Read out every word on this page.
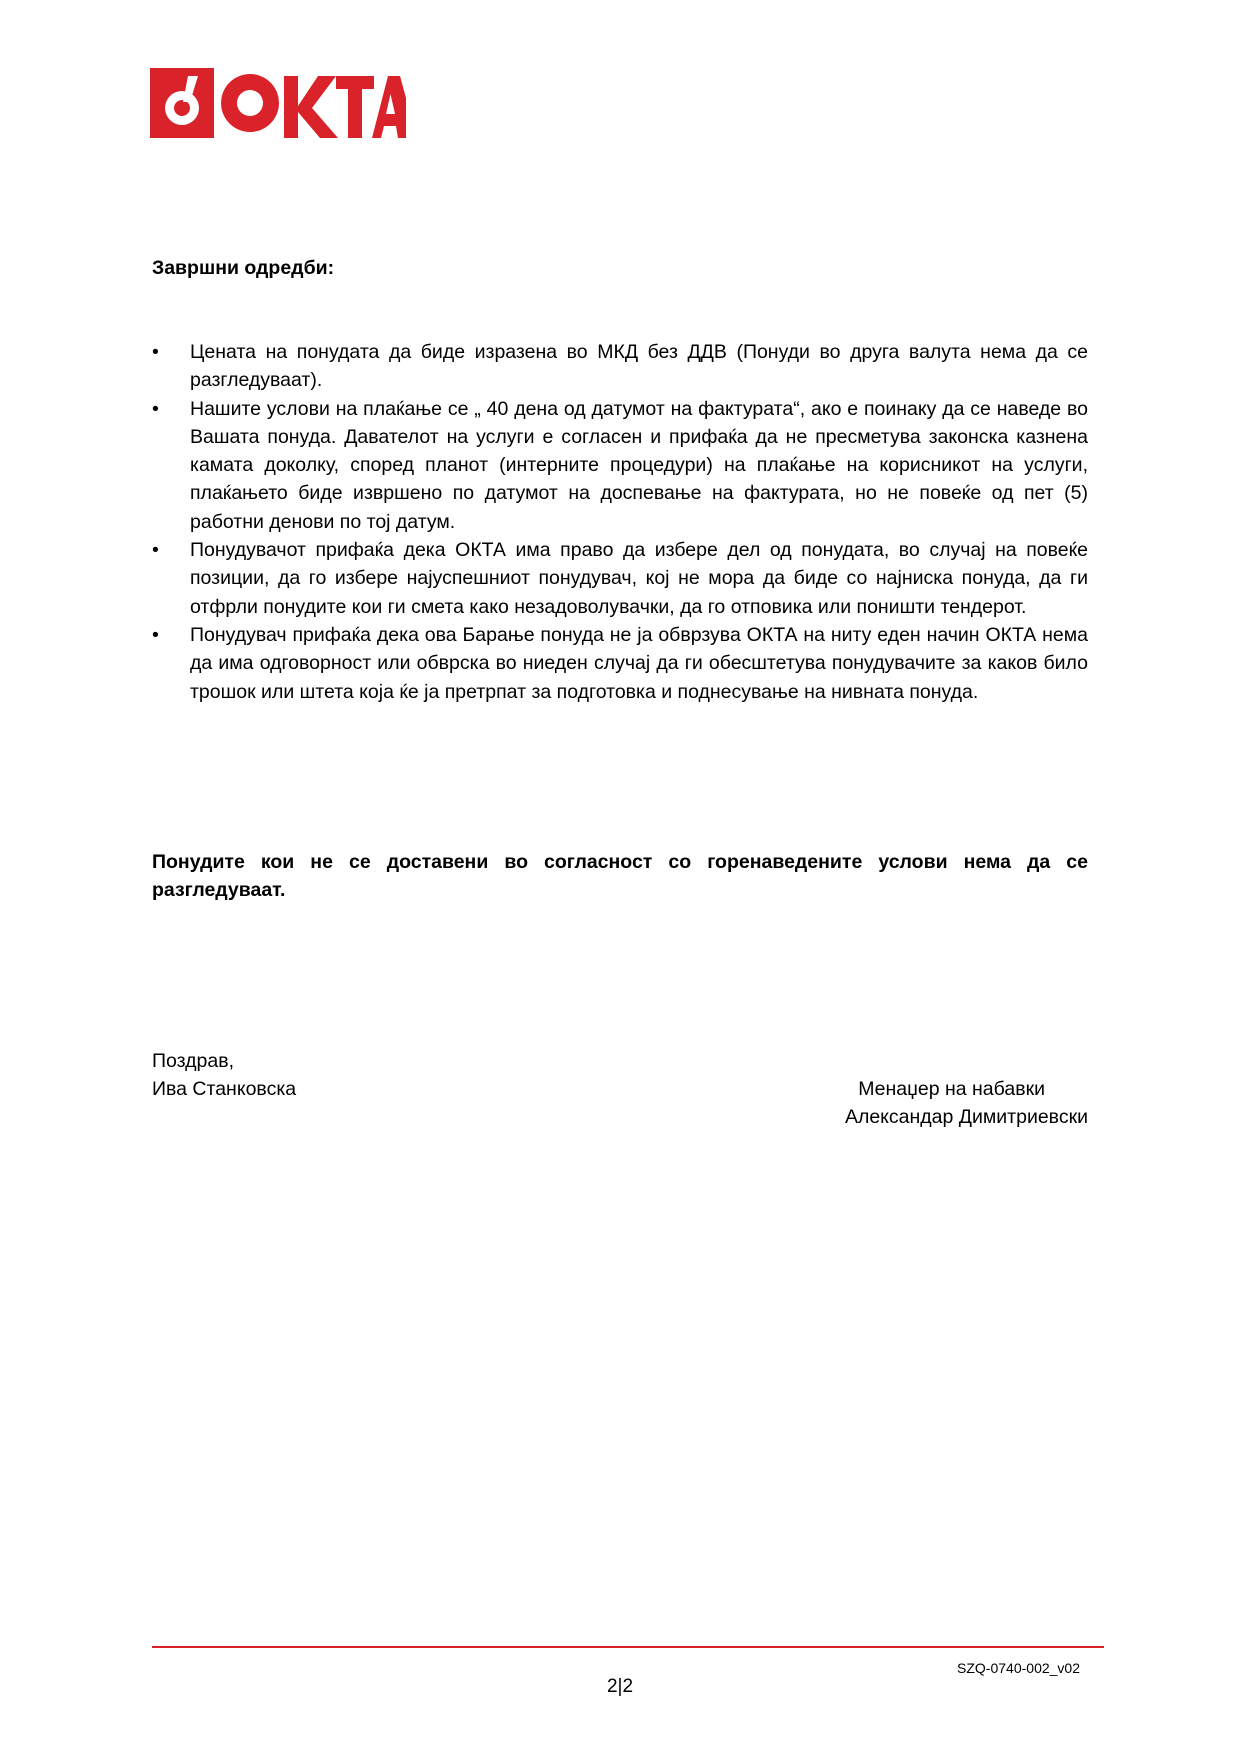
Завршни одредби:
•	Цената на понудата да биде изразена во МКД без ДДВ (Понуди во друга валута нема да се разгледуваат).
•	Нашите услови на плаќање се „ 40 дена од датумот на фактурата“, ако е поинаку да се наведе во Вашата понуда. Давателот на услуги е согласен и прифаќа да не пресметува законска казнена камата доколку, според планот (интерните процедури) на плаќање на корисникот на услуги, плаќањето биде извршено по датумот на доспевање на фактурата, но не повеќе од пет (5) работни денови по тој датум.
•	Понудувачот прифаќа дека ОКТА има право да избере дел од понудата, во случај на повеќе позиции, да го избере најуспешниот понудувач, кој не мора да биде со најниска понуда, да ги отфрли понудите кои ги смета како незадоволувачки, да го отповика или поништи тендерот.
•	Понудувач прифаќа дека ова Барање понуда не ја обврзува ОКТА на ниту еден начин ОКТА нема да има одговорност или обврска во ниеден случај да ги обесштетува понудувачите за каков било трошок или штета која ќе ја претрпат за подготовка и поднесување на нивната понуда.
Понудите кои не се доставени во согласност со горенаведените услови нема да се разгледуваат.
Поздрав,
Ива Станковска	Менаџер на набавки
Александар Димитриевски
SZQ-0740-002_v02
2|2
